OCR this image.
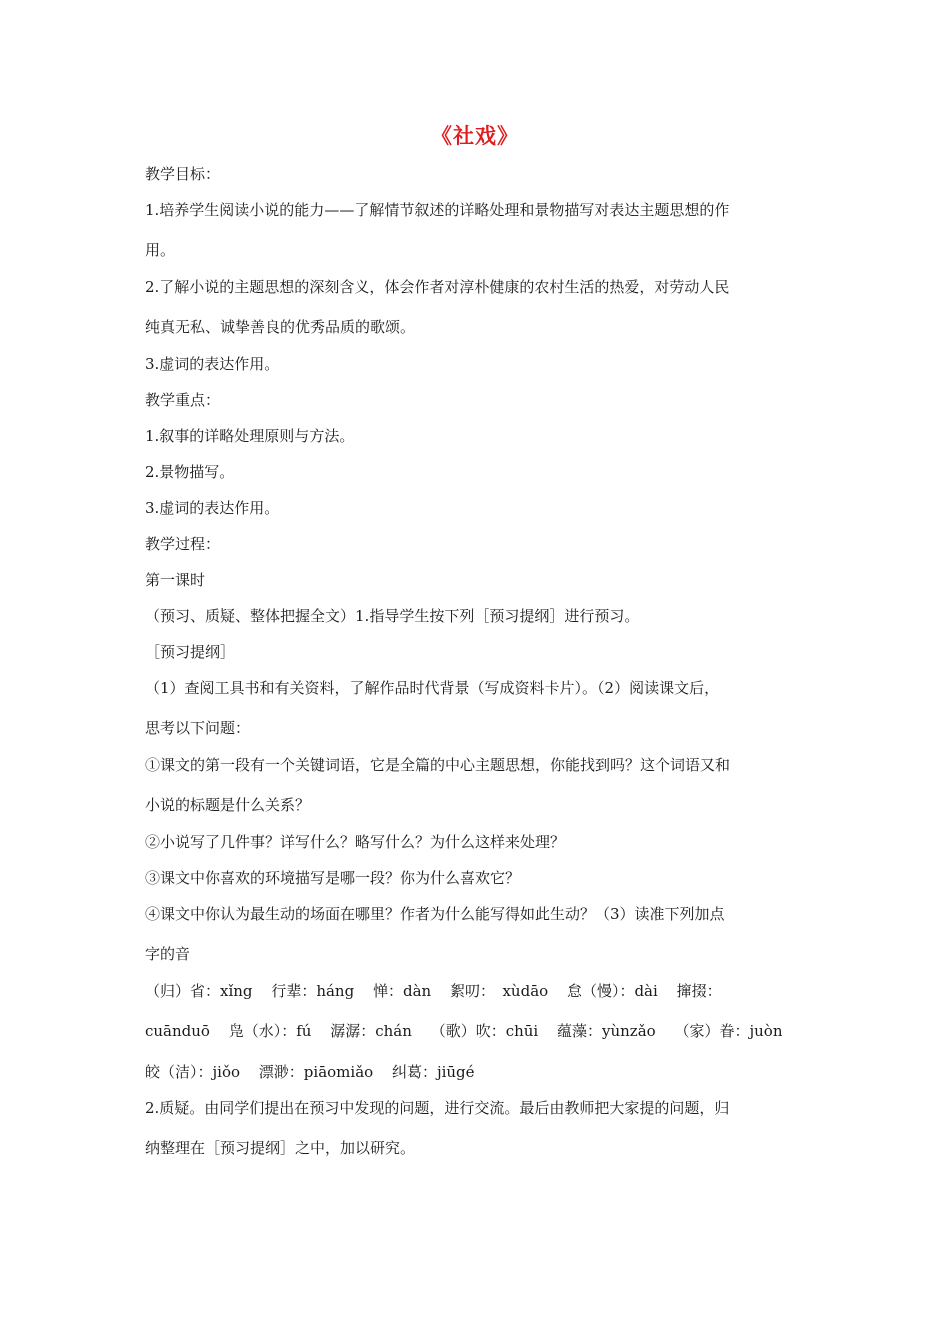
《社戏》
教学目标：
1.培养学生阅读小说的能力——了解情节叙述的详略处理和景物描写对表达主题思想的作
用。
2.了解小说的主题思想的深刻含义，体会作者对淳朴健康的农村生活的热爱，对劳动人民
纯真无私、诚挚善良的优秀品质的歌颂。
3.虚词的表达作用。
教学重点：
1.叙事的详略处理原则与方法。
2.景物描写。
3.虚词的表达作用。
教学过程：
第一课时
（预习、质疑、整体把握全文）1.指导学生按下列［预习提纲］进行预习。
［预习提纲］
（1）查阅工具书和有关资料，了解作品时代背景（写成资料卡片）。（2）阅读课文后，
思考以下问题：
①课文的第一段有一个关键词语，它是全篇的中心主题思想，你能找到吗？这个词语又和
小说的标题是什么关系？
②小说写了几件事？详写什么？略写什么？为什么这样来处理？
③课文中你喜欢的环境描写是哪一段？你为什么喜欢它？
④课文中你认为最生动的场面在哪里？作者为什么能写得如此生动？（3）读准下列加点
字的音
（归）省：xǐng 行辈：háng 惮：dàn 絮叨：　xùdāo 怠（慢）：dài 撺掇：
cuānduō 凫（水）：fú 潺潺：chán （歌）吹：chūi 蕴藻：yùnzǎo （家）眷：juòn
皎（洁）：jiǒo 漂渺：piāomiǎo 纠葛：jiūgé
2.质疑。由同学们提出在预习中发现的问题，进行交流。最后由教师把大家提的问题，归
纳整理在［预习提纲］之中，加以研究。
